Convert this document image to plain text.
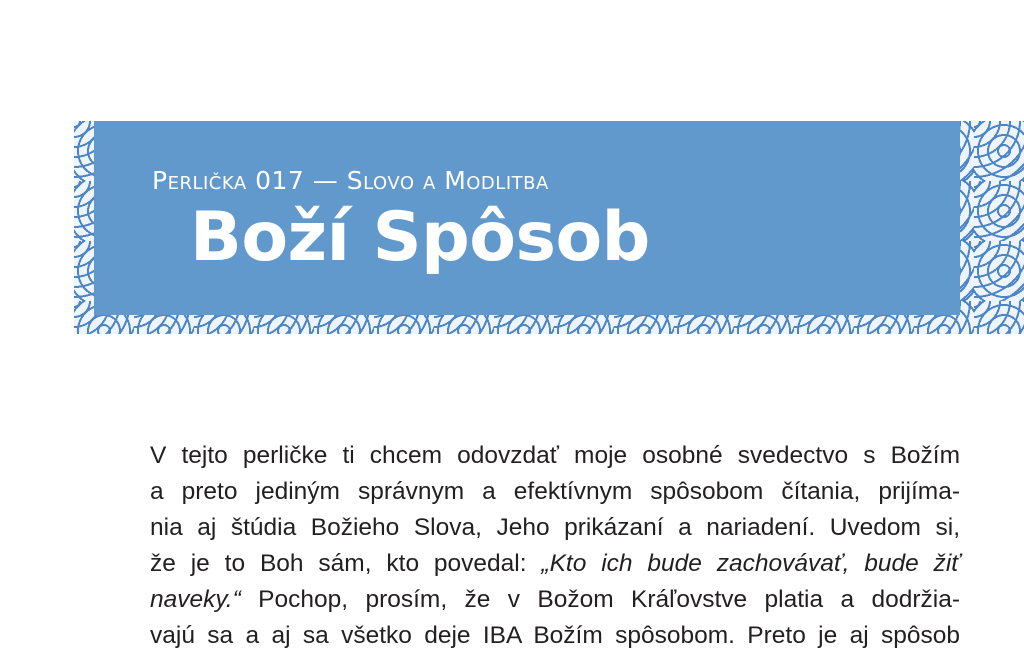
Perlička 017 — Slovo a Modlitba
Boží Spôsob
V tejto perličke ti chcem odovzdať moje osobné svedectvo s Božím
a preto jediným správnym a efektívnym spôsobom čítania, prijíma-
nia aj štúdia Božieho Slova, Jeho prikázaní a nariadení. Uvedom si,
že je to Boh sám, kto povedal: „Kto ich bude zachovávať, bude žiť
naveky.“ Pochop, prosím, že v Božom Kráľovstve platia a dodržia-
vajú sa a aj sa všetko deje IBA Božím spôsobom. Preto je aj spôsob
